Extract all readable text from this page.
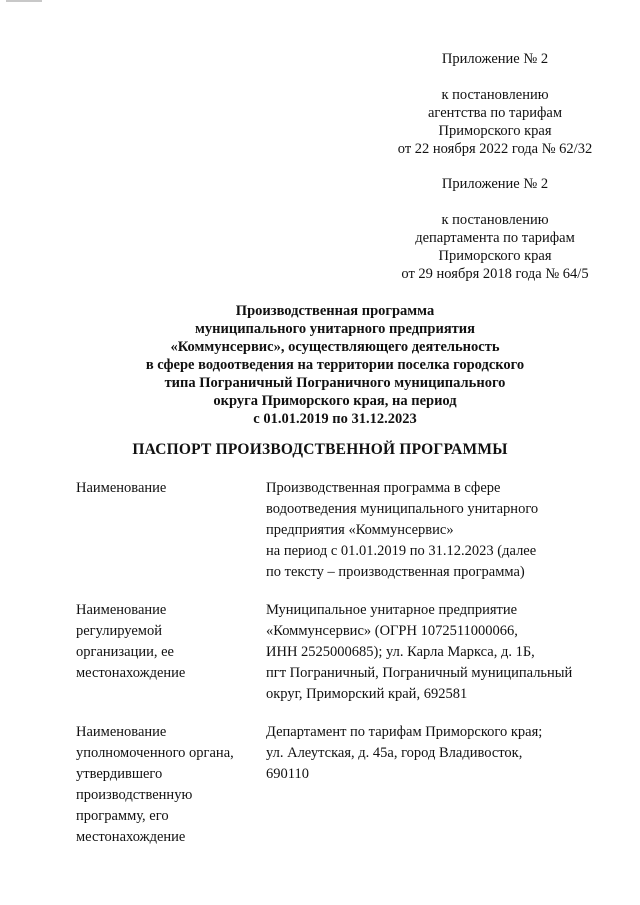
Приложение № 2
к постановлению
агентства по тарифам
Приморского края
от 22 ноября 2022 года № 62/32
Приложение № 2
к постановлению
департамента по тарифам
Приморского края
от 29 ноября 2018 года № 64/5
Производственная программа
муниципального унитарного предприятия
«Коммунсервис», осуществляющего деятельность
в сфере водоотведения на территории поселка городского
типа Пограничный Пограничного муниципального
округа Приморского края, на период
с 01.01.2019 по 31.12.2023
ПАСПОРТ ПРОИЗВОДСТВЕННОЙ ПРОГРАММЫ
Наименование	Производственная программа в сфере
водоотведения муниципального унитарного
предприятия «Коммунсервис»
на период с 01.01.2019 по 31.12.2023 (далее
по тексту – производственная программа)
Наименование
регулируемой
организации, ее
местонахождение
Муниципальное унитарное предприятие
«Коммунсервис» (ОГРН 1072511000066,
ИНН 2525000685); ул. Карла Маркса, д. 1Б,
пгт Пограничный, Пограничный муниципальный
округ, Приморский край, 692581
Наименование
уполномоченного органа,
утвердившего
производственную
программу, его
местонахождение
Департамент по тарифам Приморского края;
ул. Алеутская, д. 45а, город Владивосток,
690110
